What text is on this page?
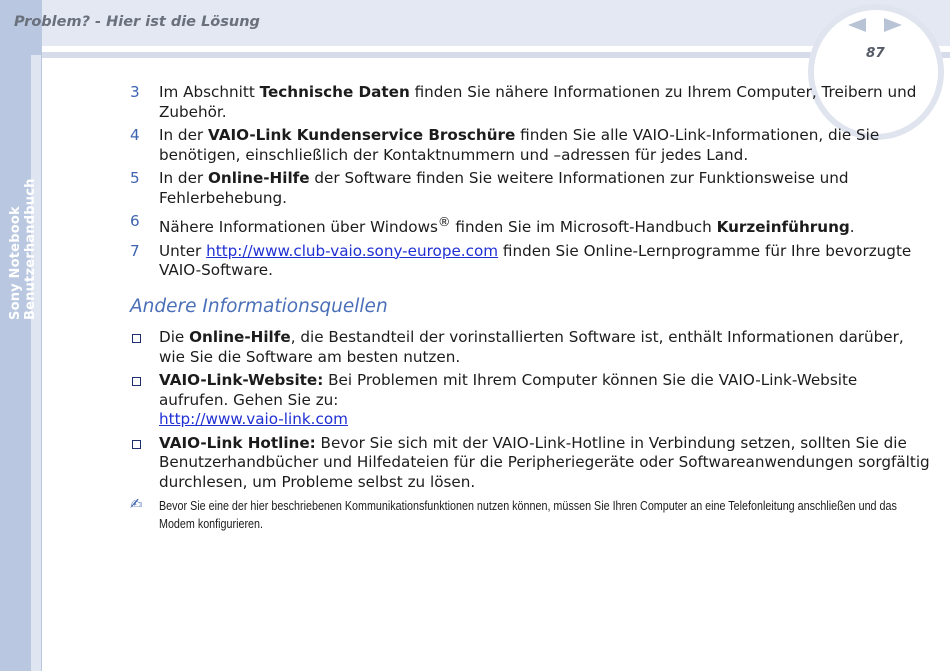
Sony Notebook Benutzerhandbuch
Problem? - Hier ist die Lösung
87
3	Im Abschnitt Technische Daten finden Sie nähere Informationen zu Ihrem Computer, Treibern und Zubehör.
4	In der VAIO-Link Kundenservice Broschüre finden Sie alle VAIO-Link-Informationen, die Sie benötigen, einschließlich der Kontaktnummern und –adressen für jedes Land.
5	In der Online-Hilfe der Software finden Sie weitere Informationen zur Funktionsweise und Fehlerbehebung.
6	Nähere Informationen über Windows® finden Sie im Microsoft-Handbuch Kurzeinführung.
7	Unter http://www.club-vaio.sony-europe.com finden Sie Online-Lernprogramme für Ihre bevorzugte VAIO-Software.
Andere Informationsquellen
Die Online-Hilfe, die Bestandteil der vorinstallierten Software ist, enthält Informationen darüber, wie Sie die Software am besten nutzen.
VAIO-Link-Website: Bei Problemen mit Ihrem Computer können Sie die VAIO-Link-Website aufrufen. Gehen Sie zu:
http://www.vaio-link.com
VAIO-Link Hotline: Bevor Sie sich mit der VAIO-Link-Hotline in Verbindung setzen, sollten Sie die Benutzerhandbücher und Hilfedateien für die Peripheriegeräte oder Softwareanwendungen sorgfältig durchlesen, um Probleme selbst zu lösen.
✍ Bevor Sie eine der hier beschriebenen Kommunikationsfunktionen nutzen können, müssen Sie Ihren Computer an eine Telefonleitung anschließen und das Modem konfigurieren.
